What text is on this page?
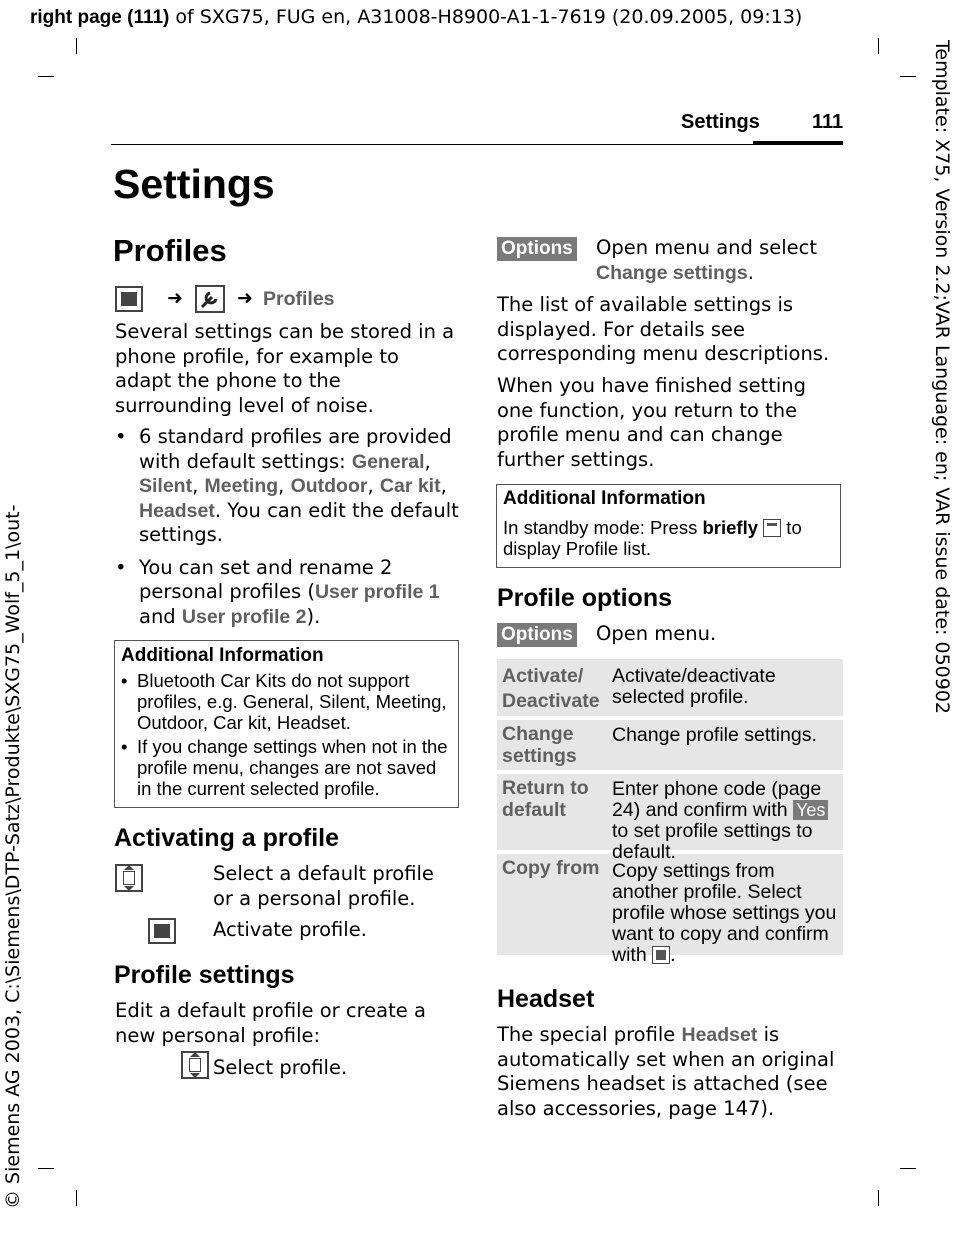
right page (111) of SXG75, FUG en, A31008-H8900-A1-1-7619 (20.09.2005, 09:13)
Template: X75, Version 2.2;VAR Language: en; VAR issue date: 050902
© Siemens AG 2003, C:\Siemens\DTP-Satz\Produkte\SXG75_Wolf_5_1\out-
Settings	111
Settings
Profiles
➜	➜ Profiles
Several settings can be stored in a phone profile, for example to adapt the phone to the surrounding level of noise.
• 6 standard profiles are provided with default settings: General, Silent, Meeting, Outdoor, Car kit, Headset. You can edit the default settings.
• You can set and rename 2 personal profiles (User profile 1 and User profile 2).
Additional Information
• Bluetooth Car Kits do not support profiles, e.g. General, Silent, Meeting, Outdoor, Car kit, Headset.
• If you change settings when not in the profile menu, changes are not saved in the current selected profile.
Activating a profile

Select a default profile or a personal profile.

Activate profile.
Profile settings
Edit a default profile or create a new personal profile:
Select profile.
Options Open menu and select Change settings.
The list of available settings is displayed. For details see corresponding menu descriptions.
When you have finished setting one function, you return to the profile menu and can change further settings.
Additional Information
In standby mode: Press briefly  to
display Profile list.
Profile options
Options Open menu.
Activate/ Deactivate
Activate/deactivate selected profile.
Change settings
Change profile settings.
Return to default
Enter phone code (page 24) and confirm with Yes to set profile settings to default.
Copy from Copy settings from another profile. Select profile whose settings you want to copy and confirm with .
Headset
The special profile Headset is automatically set when an original Siemens headset is attached (see also accessories, page 147).
